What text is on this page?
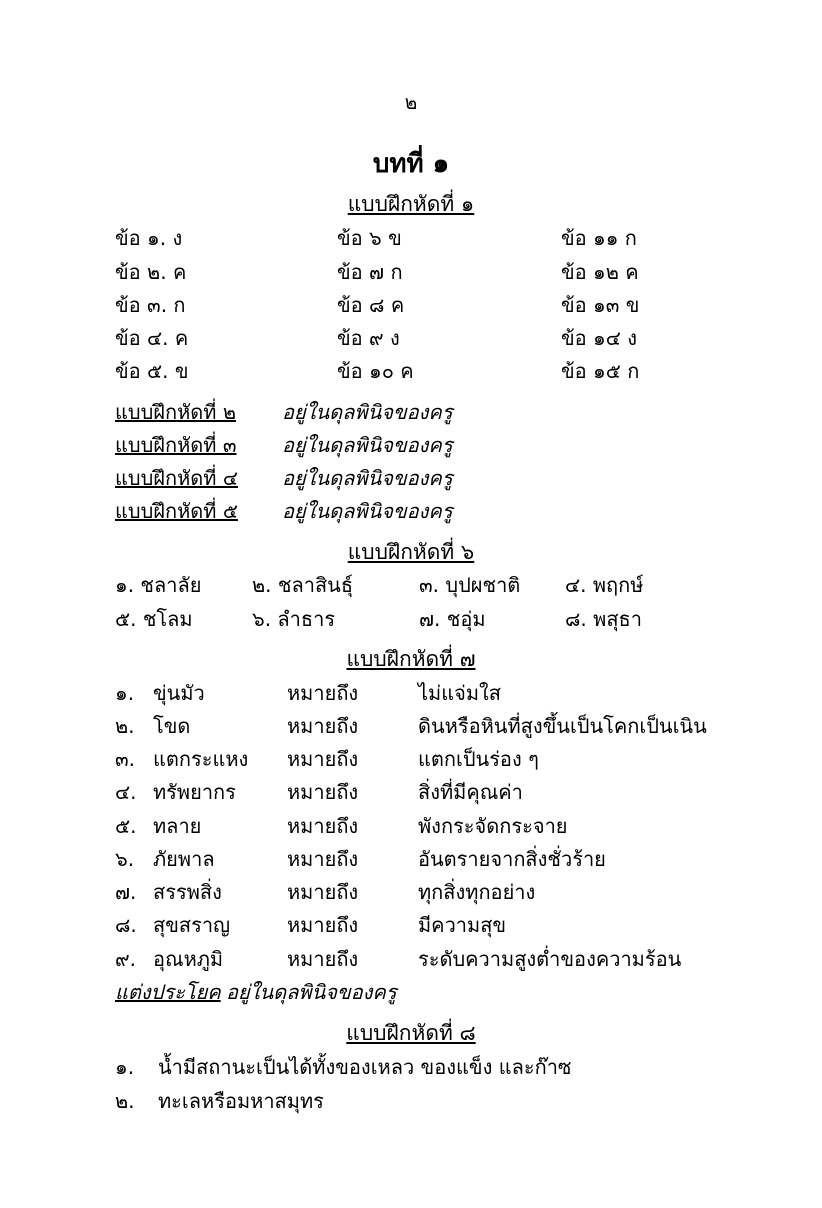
๒
บทที่ ๑
แบบฝึกหัดที่ ๑
ข้อ ๑. ง	ข้อ ๖ ข	ข้อ ๑๑ ก
ข้อ ๒. ค	ข้อ ๗ ก	ข้อ ๑๒ ค
ข้อ ๓. ก	ข้อ ๘ ค	ข้อ ๑๓ ข
ข้อ ๔. ค	ข้อ ๙ ง	ข้อ ๑๔ ง
ข้อ ๕. ข	ข้อ ๑๐ ค	ข้อ ๑๕ ก
แบบฝึกหัดที่ ๒ อยู่ในดุลพินิจของครู
แบบฝึกหัดที่ ๓ อยู่ในดุลพินิจของครู
แบบฝึกหัดที่ ๔ อยู่ในดุลพินิจของครู
แบบฝึกหัดที่ ๕ อยู่ในดุลพินิจของครู
แบบฝึกหัดที่ ๖
๑. ชลาลัย	๒. ชลาสินธุ์	๓. บุปผชาติ ๔. พฤกษ์
๕. ชโลม	๖. ลำธาร	๗. ชอุ่ม	๘. พสุธา
แบบฝึกหัดที่ ๗
๑. ขุ่นมัว	หมายถึง	ไม่แจ่มใส
๒. โขด	หมายถึง	ดินหรือหินที่สูงขึ้นเป็นโคกเป็นเนิน
๓. แตกระแหง หมายถึง	แตกเป็นร่อง ๆ
๔. ทรัพยากร	หมายถึง	สิ่งที่มีคุณค่า
๕. ทลาย	หมายถึง	พังกระจัดกระจาย
๖. ภัยพาล	หมายถึง	อันตรายจากสิ่งชั่วร้าย
๗. สรรพสิ่ง	หมายถึง	ทุกสิ่งทุกอย่าง
๘. สุขสราญ	หมายถึง	มีความสุข
๙. อุณหภูมิ	หมายถึง	ระดับความสูงต่ำของความร้อน
แต่งประโยค อยู่ในดุลพินิจของครู
แบบฝึกหัดที่ ๘
๑. น้ำมีสถานะเป็นได้ทั้งของเหลว ของแข็ง และก๊าซ
๒. ทะเลหรือมหาสมุทร
